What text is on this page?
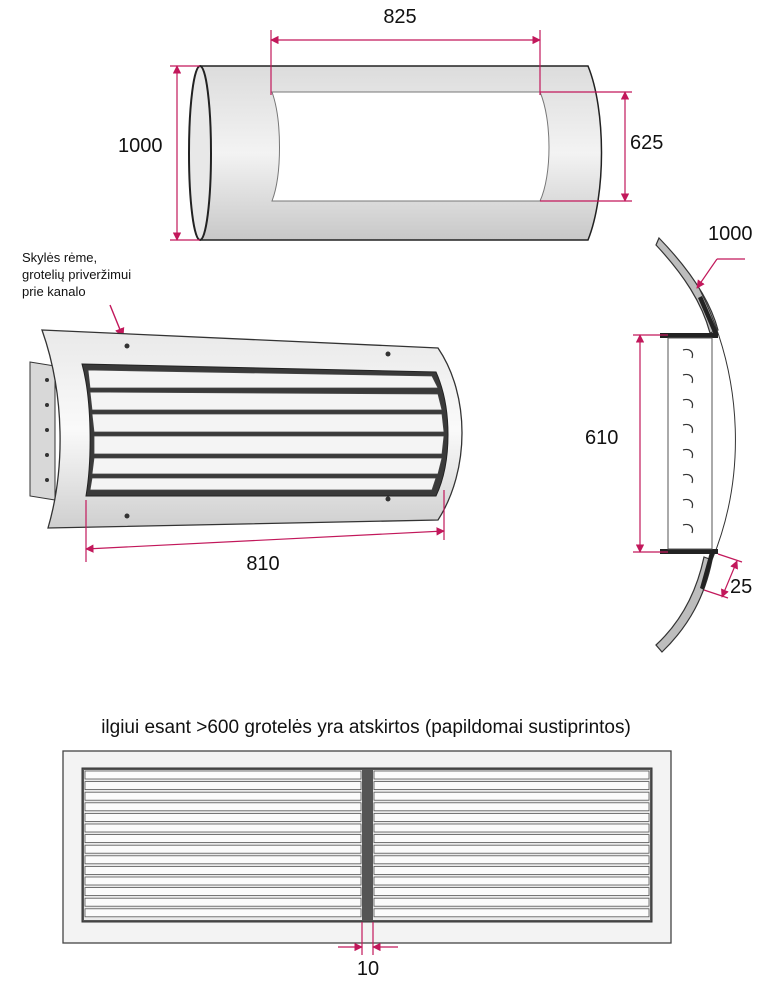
825
1000	625
Skylės rėme,
grotelių priveržimui
prie kanalo
810
1000
610
25
ilgiui esant >600 grotelės yra atskirtos (papildomai sustiprintos)
10
